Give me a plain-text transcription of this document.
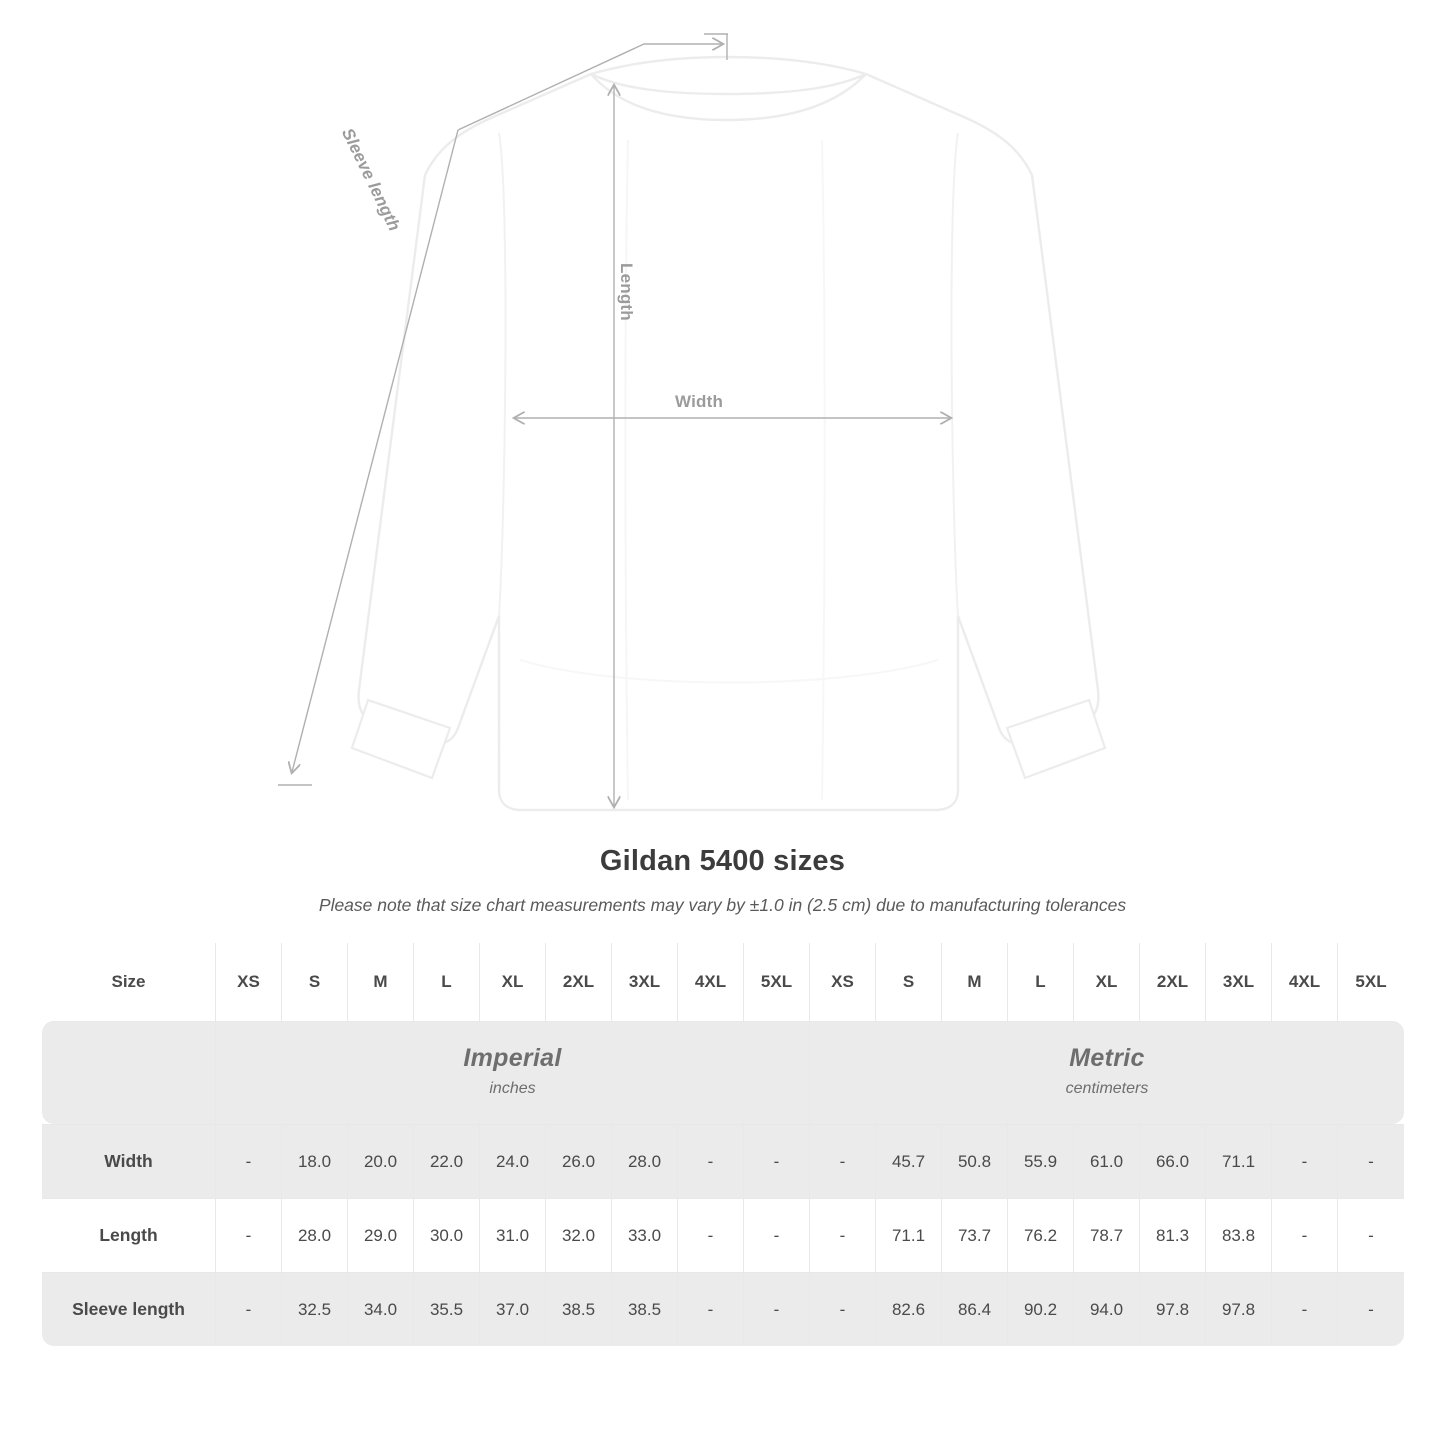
Sleeve length
Length
Width
Gildan 5400 sizes
Please note that size chart measurements may vary by ±1.0 in (2.5 cm) due to manufacturing tolerances

Imperial
inches

Metric
centimeters

Size	XS	S	M	L	XL	2XL	3XL	4XL	5XL	XS	S	M	L	XL	2XL	3XL	4XL	5XL
Width	-	18.0	20.0	22.0	24.0	26.0	28.0	-	-	-	45.7	50.8	55.9	61.0	66.0	71.1	-	-
Length	-	28.0	29.0	30.0	31.0	32.0	33.0	-	-	-	71.1	73.7	76.2	78.7	81.3	83.8	-	-
Sleeve length	-	32.5	34.0	35.5	37.0	38.5	38.5	-	-	-	82.6	86.4	90.2	94.0	97.8	97.8	-	-
